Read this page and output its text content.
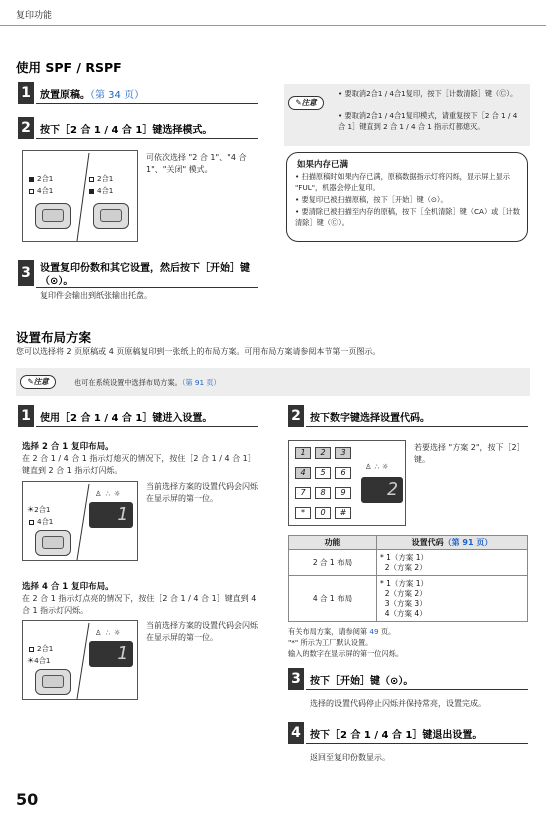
复印功能
使用 SPF / RSPF
1 放置原稿。（第 34 页）
2 按下［2 合 1 / 4 合 1］键选择模式。
2合1
4合1
2合1
4合1
可依次选择 "2 合 1"、"4 合 1"、"关闭" 模式。
✎注意
• 要取消2合1 / 4合1复印，按下［计数清除］键（Ⓒ）。
• 要取消2合1 / 4合1复印模式，请重复按下［2 合 1 / 4 合 1］键直到 2 合 1 / 4 合 1 指示灯都熄灭。
如果内存已满
• 扫描原稿时如果内存已满，原稿数据指示灯将闪烁，显示屏上显示 "FUL"，机器会停止复印。
• 要复印已被扫描原稿，按下［开始］键（⊙）。
• 要清除已被扫描至内存的原稿，按下［全机清除］键（CA）或［计数清除］键（Ⓒ）。
3 设置复印份数和其它设置，然后按下［开始］键（⊙）。
复印件会输出到纸张输出托盘。
设置布局方案
您可以选择将 2 页原稿或 4 页原稿复印到一张纸上的布局方案。可用布局方案请参阅本节第一页图示。
✎注意	也可在系统设置中选择布局方案。（第 91 页）
1 使用［2 合 1 / 4 合 1］键进入设置。
选择 2 合 1 复印布局。
在 2 合 1 / 4 合 1 指示灯熄灭的情况下，按住［2 合 1 / 4 合 1］键直到 2 合 1 指示灯闪烁。
☀2合1
4合1
♙∴☼
1
当前选择方案的设置代码会闪烁在显示屏的第一位。
选择 4 合 1 复印布局。
在 2 合 1 指示灯点亮的情况下，按住［2 合 1 / 4 合 1］键直到 4 合 1 指示灯闪烁。
2合1
☀4合1
♙∴☼
1
当前选择方案的设置代码会闪烁在显示屏的第一位。
2 按下数字键选择设置代码。
1	2	3
4	5	6
7	8	9
*	0	#
♙∴☼
2
若要选择 "方案 2"，按下［2］键。
功能	设置代码（第 91 页）
2 合 1 布局	* 1（方案 1）
2（方案 2）

4 合 1 布局	* 1（方案 1）
2（方案 2）
3（方案 3）
4（方案 4）
有关布局方案，请参阅第 49 页。
"*" 所示为工厂默认设置。
输入的数字在显示屏的第一位闪烁。
3 按下［开始］键（⊙）。
选择的设置代码停止闪烁并保持常亮，设置完成。
4 按下［2 合 1 / 4 合 1］键退出设置。
返回至复印份数显示。
50
